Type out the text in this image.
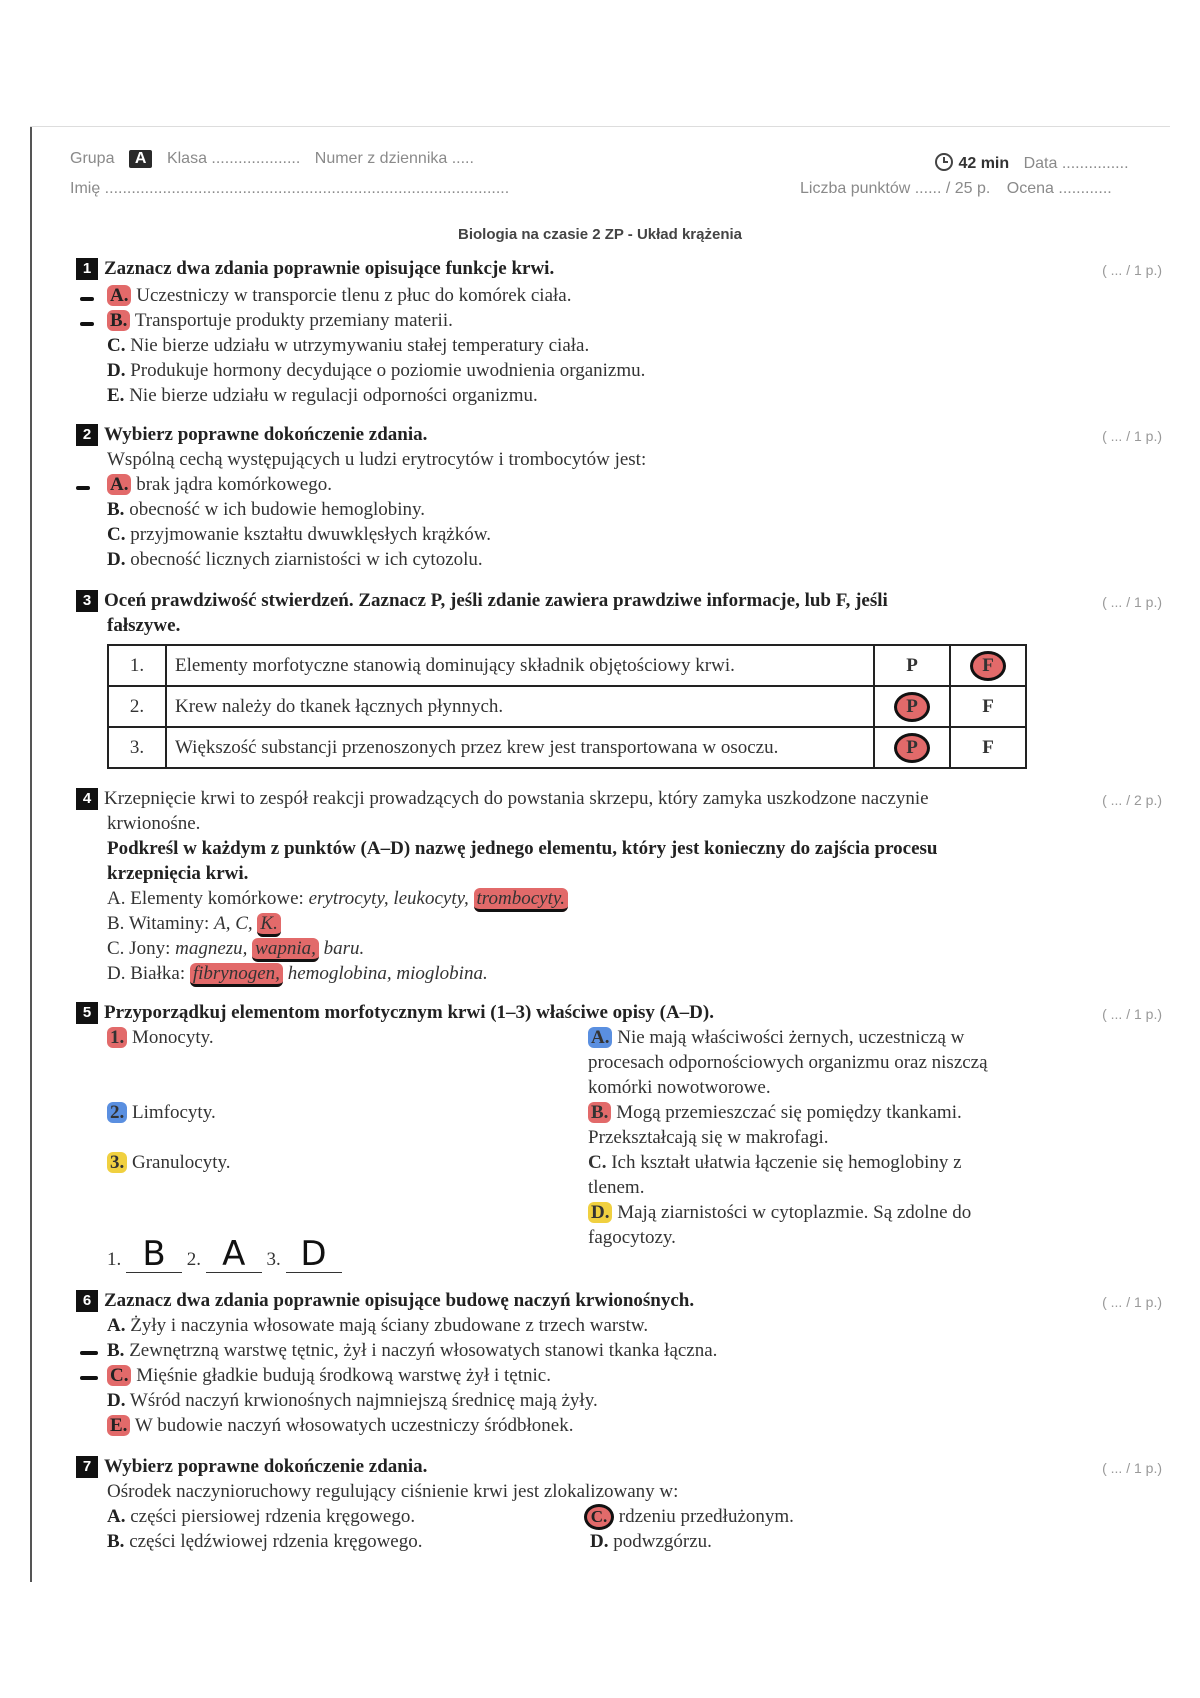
Grupa A Klasa .................... Numer z dziennika .....	42 min Data ...............
Imię ...........................................................................................	Liczba punktów ...... / 25 p. Ocena ............
Biologia na czasie 2 ZP - Układ krążenia
1 Zaznacz dwa zdania poprawnie opisujące funkcje krwi.	( ... / 1 p.)
A. Uczestniczy w transporcie tlenu z płuc do komórek ciała.
B. Transportuje produkty przemiany materii.
C. Nie bierze udziału w utrzymywaniu stałej temperatury ciała.
D. Produkuje hormony decydujące o poziomie uwodnienia organizmu.
E. Nie bierze udziału w regulacji odporności organizmu.
2 Wybierz poprawne dokończenie zdania.	( ... / 1 p.)
Wspólną cechą występujących u ludzi erytrocytów i trombocytów jest:
A. brak jądra komórkowego.
B. obecność w ich budowie hemoglobiny.
C. przyjmowanie kształtu dwuwklęsłych krążków.
D. obecność licznych ziarnistości w ich cytozolu.
3 Oceń prawdziwość stwierdzeń. Zaznacz P, jeśli zdanie zawiera prawdziwe informacje, lub F, jeśli
fałszywe.
( ... / 1 p.)
1.	Elementy morfotyczne stanowią dominujący składnik objętościowy krwi.	P	F
2.	Krew należy do tkanek łącznych płynnych.	P	F
3.	Większość substancji przenoszonych przez krew jest transportowana w osoczu.	P	F
4 Krzepnięcie krwi to zespół reakcji prowadzących do powstania skrzepu, który zamyka uszkodzone naczynie
krwionośne.
Podkreśl w każdym z punktów (A–D) nazwę jednego elementu, który jest konieczny do zajścia procesu
krzepnięcia krwi.
( ... / 2 p.)
A. Elementy komórkowe: erytrocyty, leukocyty, trombocyty.
B. Witaminy: A, C, K.
C. Jony: magnezu, wapnia, baru.
D. Białka: fibrynogen, hemoglobina, mioglobina.
5 Przyporządkuj elementom morfotycznym krwi (1–3) właściwe opisy (A–D).	( ... / 1 p.)
1. Monocyty.
2. Limfocyty.
3. Granulocyty.
A. Nie mają właściwości żernych, uczestniczą w
procesach odpornościowych organizmu oraz niszczą
komórki nowotworowe.
B. Mogą przemieszczać się pomiędzy tkankami.
Przekształcają się w makrofagi.
C. Ich kształt ułatwia łączenie się hemoglobiny z
tlenem.
D. Mają ziarnistości w cytoplazmie. Są zdolne do
fagocytozy.
1. B 2. A 3. D
6 Zaznacz dwa zdania poprawnie opisujące budowę naczyń krwionośnych.	( ... / 1 p.)
A. Żyły i naczynia włosowate mają ściany zbudowane z trzech warstw.
B. Zewnętrzną warstwę tętnic, żył i naczyń włosowatych stanowi tkanka łączna.
C. Mięśnie gładkie budują środkową warstwę żył i tętnic.
D. Wśród naczyń krwionośnych najmniejszą średnicę mają żyły.
E. W budowie naczyń włosowatych uczestniczy śródbłonek.
7 Wybierz poprawne dokończenie zdania.	( ... / 1 p.)
Ośrodek naczynioruchowy regulujący ciśnienie krwi jest zlokalizowany w:
A. części piersiowej rdzenia kręgowego.
B. części lędźwiowej rdzenia kręgowego.
C. rdzeniu przedłużonym.
D. podwzgórzu.
